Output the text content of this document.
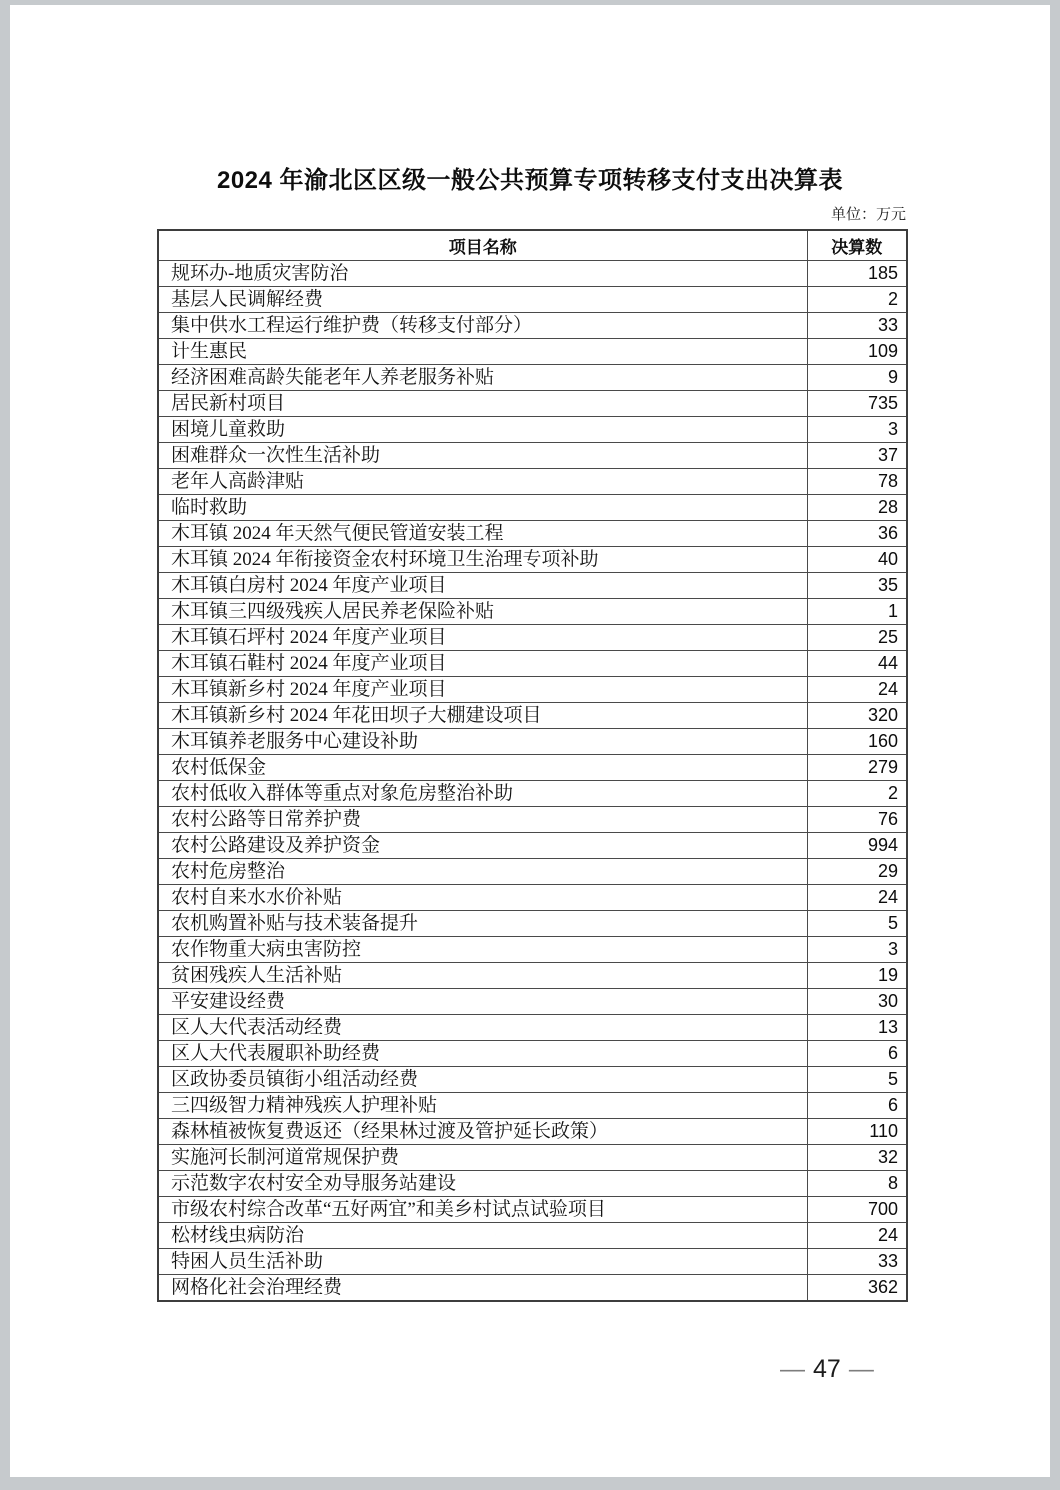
2024 年渝北区区级一般公共预算专项转移支付支出决算表
单位：万元
项目名称	决算数
规环办-地质灾害防治	185
基层人民调解经费	2
集中供水工程运行维护费（转移支付部分）	33
计生惠民	109
经济困难高龄失能老年人养老服务补贴	9
居民新村项目	735
困境儿童救助	3
困难群众一次性生活补助	37
老年人高龄津贴	78
临时救助	28
木耳镇 2024 年天然气便民管道安装工程	36
木耳镇 2024 年衔接资金农村环境卫生治理专项补助	40
木耳镇白房村 2024 年度产业项目	35
木耳镇三四级残疾人居民养老保险补贴	1
木耳镇石坪村 2024 年度产业项目	25
木耳镇石鞋村 2024 年度产业项目	44
木耳镇新乡村 2024 年度产业项目	24
木耳镇新乡村 2024 年花田坝子大棚建设项目	320
木耳镇养老服务中心建设补助	160
农村低保金	279
农村低收入群体等重点对象危房整治补助	2
农村公路等日常养护费	76
农村公路建设及养护资金	994
农村危房整治	29
农村自来水水价补贴	24
农机购置补贴与技术装备提升	5
农作物重大病虫害防控	3
贫困残疾人生活补贴	19
平安建设经费	30
区人大代表活动经费	13
区人大代表履职补助经费	6
区政协委员镇街小组活动经费	5
三四级智力精神残疾人护理补贴	6
森林植被恢复费返还（经果林过渡及管护延长政策）	110
实施河长制河道常规保护费	32
示范数字农村安全劝导服务站建设	8
市级农村综合改革“五好两宜”和美乡村试点试验项目	700
松材线虫病防治	24
特困人员生活补助	33
网格化社会治理经费	362
— 47 —
